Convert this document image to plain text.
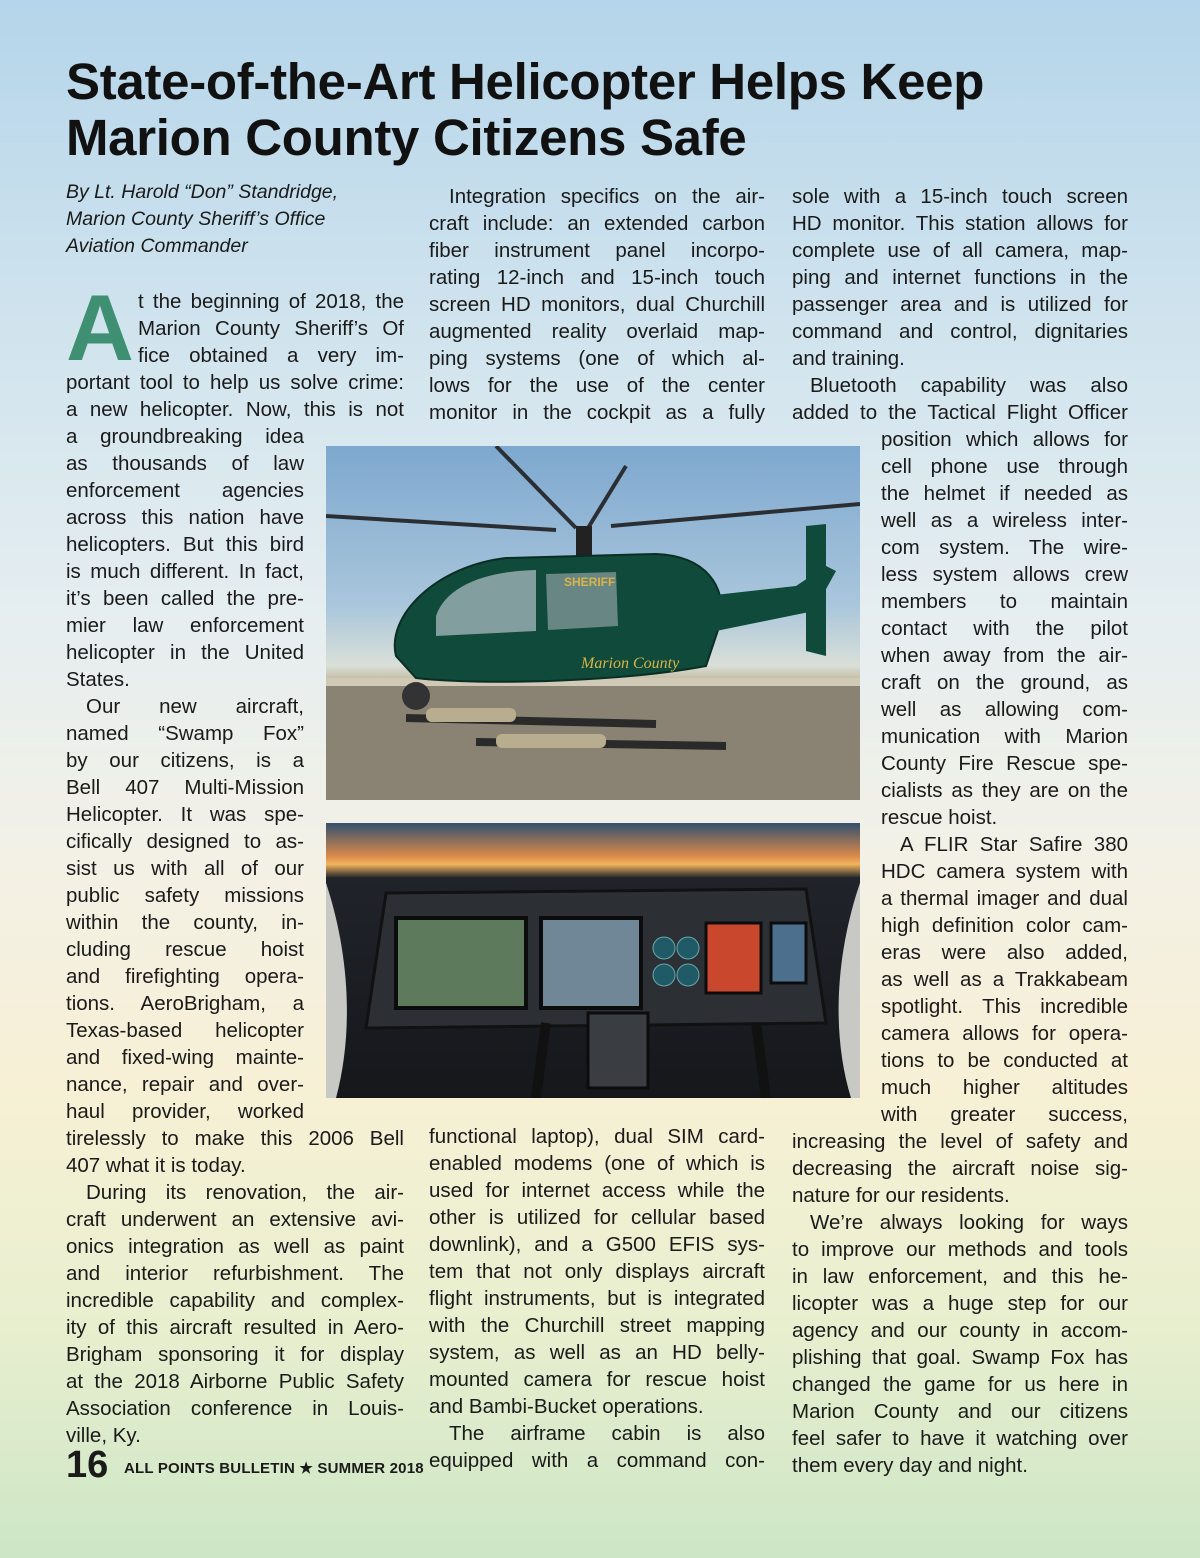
State-of-the-Art Helicopter Helps Keep
Marion County Citizens Safe
By Lt. Harold “Don” Standridge,
Marion County Sheriff’s Office
Aviation Commander
A t the beginning of 2018, the
Marion County Sheriff’s Of
fice obtained a very im-
portant tool to help us solve crime:
a new helicopter. Now, this is not
a groundbreaking idea
as thousands of law
enforcement agencies
across this nation have
helicopters. But this bird
is much different. In fact,
it’s been called the pre-
mier law enforcement
helicopter in the United
States.
Our new aircraft,
named “Swamp Fox”
by our citizens, is a
Bell 407 Multi-Mission
Helicopter. It was spe-
cifically designed to as-
sist us with all of our
public safety missions
within the county, in-
cluding rescue hoist
and firefighting opera-
tions. AeroBrigham, a
Texas-based helicopter
and fixed-wing mainte-
nance, repair and over-
haul provider, worked
tirelessly to make this 2006 Bell
407 what it is today.
During its renovation, the air-
craft underwent an extensive avi-
onics integration as well as paint
and interior refurbishment. The
incredible capability and complex-
ity of this aircraft resulted in Aero-
Brigham sponsoring it for display
at the 2018 Airborne Public Safety
Association conference in Louis-
ville, Ky.
Integration specifics on the air-
craft include: an extended carbon
fiber instrument panel incorpo-
rating 12-inch and 15-inch touch
screen HD monitors, dual Churchill
augmented reality overlaid map-
ping systems (one of which al-
lows for the use of the center
monitor in the cockpit as a fully
functional laptop), dual SIM card-
enabled modems (one of which is
used for internet access while the
other is utilized for cellular based
downlink), and a G500 EFIS sys-
tem that not only displays aircraft
flight instruments, but is integrated
with the Churchill street mapping
system, as well as an HD belly-
mounted camera for rescue hoist
and Bambi-Bucket operations.
The airframe cabin is also
equipped with a command con-
sole with a 15-inch touch screen
HD monitor. This station allows for
complete use of all camera, map-
ping and internet functions in the
passenger area and is utilized for
command and control, dignitaries
and training.
Bluetooth capability was also
added to the Tactical Flight Officer
position which allows for
cell phone use through
the helmet if needed as
well as a wireless inter-
com system. The wire-
less system allows crew
members to maintain
contact with the pilot
when away from the air-
craft on the ground, as
well as allowing com-
munication with Marion
County Fire Rescue spe-
cialists as they are on the
rescue hoist.
A FLIR Star Safire 380
HDC camera system with
a thermal imager and dual
high definition color cam-
eras were also added,
as well as a Trakkabeam
spotlight. This incredible
camera allows for opera-
tions to be conducted at
much higher altitudes
with greater success,
increasing the level of safety and
decreasing the aircraft noise sig-
nature for our residents.
We’re always looking for ways
to improve our methods and tools
in law enforcement, and this he-
licopter was a huge step for our
agency and our county in accom-
plishing that goal. Swamp Fox has
changed the game for us here in
Marion County and our citizens
feel safer to have it watching over
them every day and night.
Marion County
SHERIFF
16 ALL POINTS BULLETIN ★ SUMMER 2018
